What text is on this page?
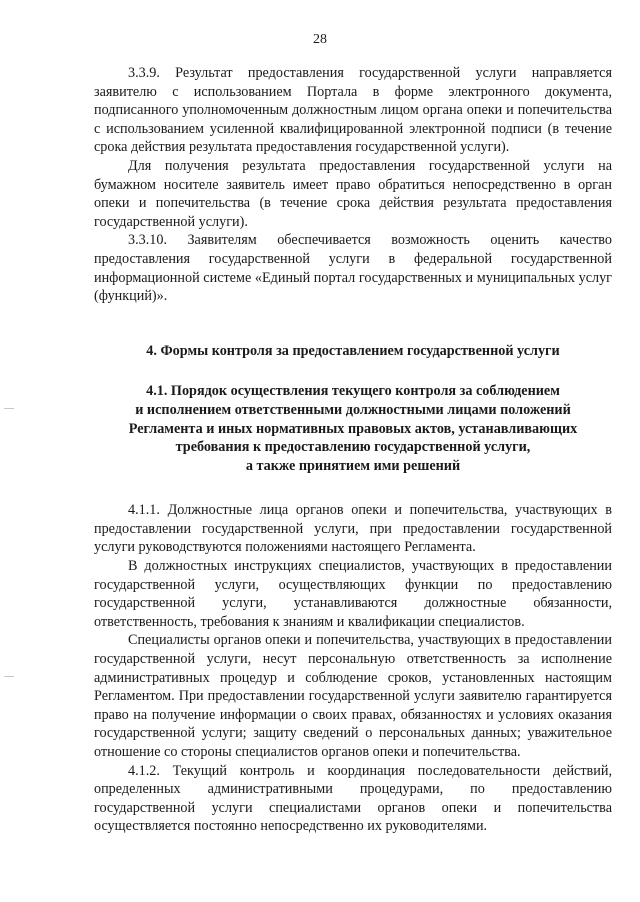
28

3.3.9. Результат предоставления государственной услуги направляется заявителю с использованием Портала в форме электронного документа, подписанного уполномоченным должностным лицом органа опеки и попечительства с использованием усиленной квалифицированной электронной подписи (в течение срока действия результата предоставления государственной услуги).

Для получения результата предоставления государственной услуги на бумажном носителе заявитель имеет право обратиться непосредственно в орган опеки и попечительства (в течение срока действия результата предоставления государственной услуги).

3.3.10. Заявителям обеспечивается возможность оценить качество предоставления государственной услуги в федеральной государственной информационной системе «Единый портал государственных и муниципальных услуг (функций)».

4. Формы контроля за предоставлением государственной услуги
4.1. Порядок осуществления текущего контроля за соблюдением
и исполнением ответственными должностными лицами положений
Регламента и иных нормативных правовых актов, устанавливающих
требования к предоставлению государственной услуги,
а также принятием ими решений

4.1.1. Должностные лица органов опеки и попечительства, участвующих в предоставлении государственной услуги, при предоставлении государственной услуги руководствуются положениями настоящего Регламента.

В должностных инструкциях специалистов, участвующих в предоставлении государственной услуги, осуществляющих функции по предоставлению государственной услуги, устанавливаются должностные обязанности, ответственность, требования к знаниям и квалификации специалистов.

Специалисты органов опеки и попечительства, участвующих в предоставлении государственной услуги, несут персональную ответственность за исполнение административных процедур и соблюдение сроков, установленных настоящим Регламентом. При предоставлении государственной услуги заявителю гарантируется право на получение информации о своих правах, обязанностях и условиях оказания государственной услуги; защиту сведений о персональных данных; уважительное отношение со стороны специалистов органов опеки и попечительства.

4.1.2. Текущий контроль и координация последовательности действий, определенных административными процедурами, по предоставлению государственной услуги специалистами органов опеки и попечительства осуществляется постоянно непосредственно их руководителями.
